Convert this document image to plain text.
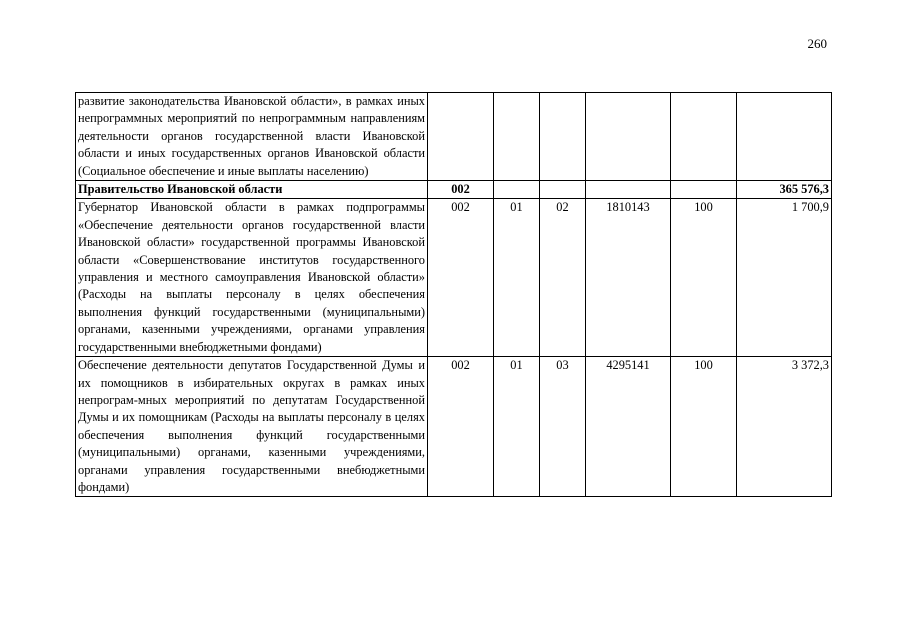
260
развитие законодательства Ивановской области», в рамках иных непрограммных мероприятий по непрограммным направлениям деятельности органов государственной власти Ивановской области и иных государственных органов Ивановской области (Социальное обеспечение и иные выплаты населению)						
Правительство Ивановской области	002					365 576,3
Губернатор Ивановской области в рамках подпрограммы «Обеспечение деятельности органов государственной власти Ивановской области» государственной программы Ивановской области «Совершенствование институтов государственного управления и местного самоуправления Ивановской области» (Расходы на выплаты персоналу в целях обеспечения выполнения функций государственными (муниципальными) органами, казенными учреждениями, органами управления государственными внебюджетными фондами)	002	01	02	1810143	100	1 700,9
Обеспечение деятельности депутатов Государственной Думы и их помощников в избирательных округах в рамках иных непрограм-мных мероприятий по депутатам Государственной Думы и их помощникам (Расходы на выплаты персоналу в целях обеспечения выполнения функций государственными (муниципальными) органами, казенными учреждениями, органами управления государственными внебюджетными фондами)	002	01	03	4295141	100	3 372,3
